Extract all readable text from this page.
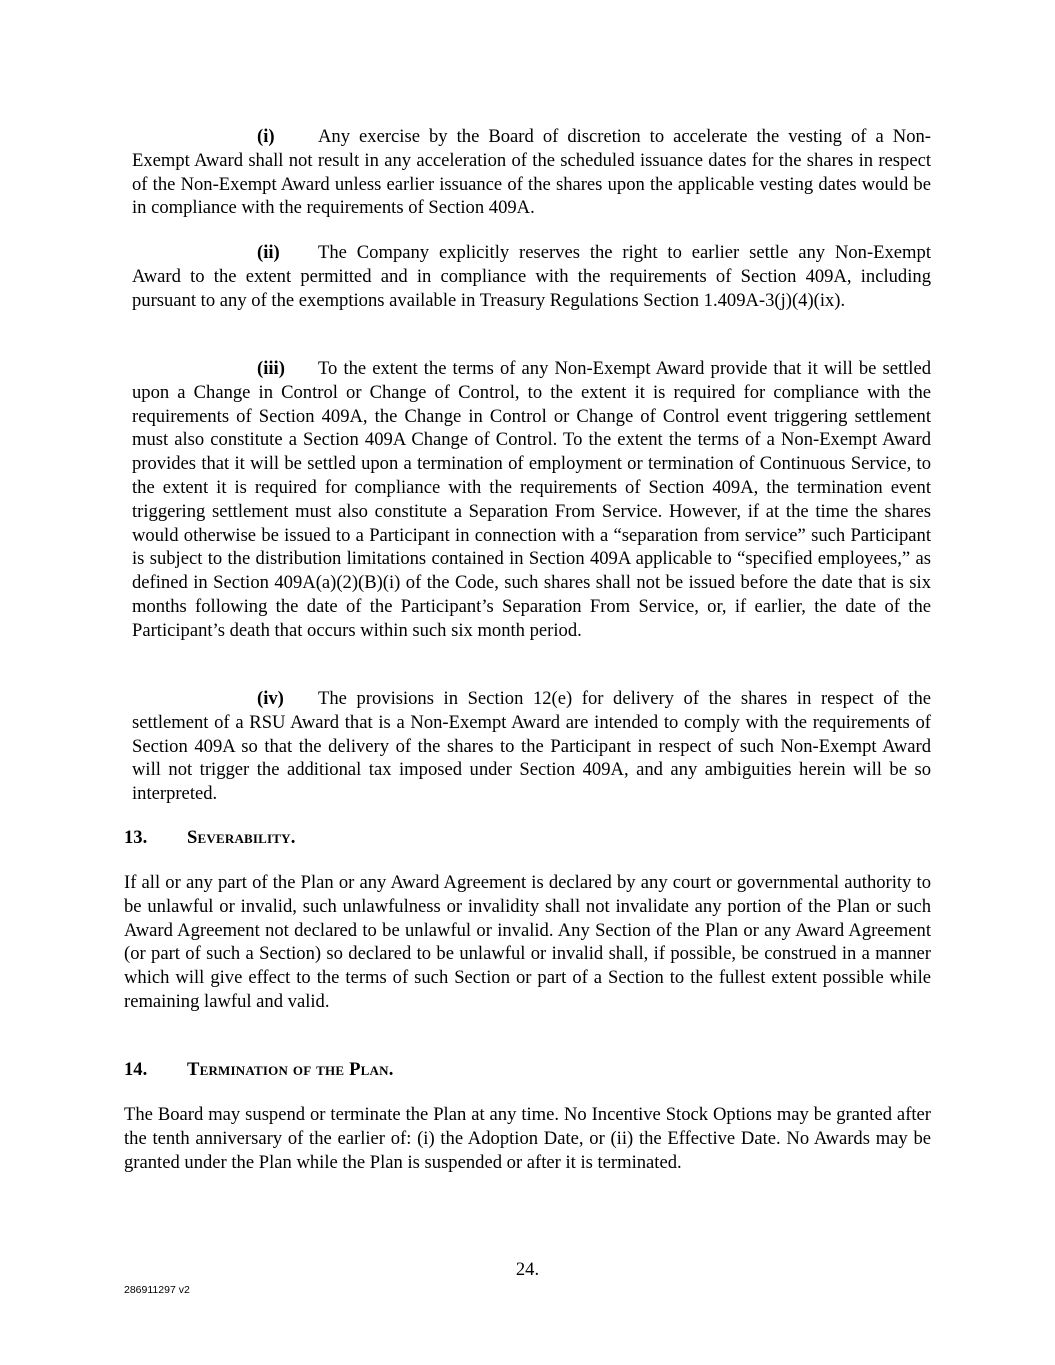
(i) Any exercise by the Board of discretion to accelerate the vesting of a Non-Exempt Award shall not result in any acceleration of the scheduled issuance dates for the shares in respect of the Non-Exempt Award unless earlier issuance of the shares upon the applicable vesting dates would be in compliance with the requirements of Section 409A.

(ii) The Company explicitly reserves the right to earlier settle any Non-Exempt Award to the extent permitted and in compliance with the requirements of Section 409A, including pursuant to any of the exemptions available in Treasury Regulations Section 1.409A-3(j)(4)(ix).

(iii) To the extent the terms of any Non-Exempt Award provide that it will be settled upon a Change in Control or Change of Control, to the extent it is required for compliance with the requirements of Section 409A, the Change in Control or Change of Control event triggering settlement must also constitute a Section 409A Change of Control. To the extent the terms of a Non-Exempt Award provides that it will be settled upon a termination of employment or termination of Continuous Service, to the extent it is required for compliance with the requirements of Section 409A, the termination event triggering settlement must also constitute a Separation From Service. However, if at the time the shares would otherwise be issued to a Participant in connection with a “separation from service” such Participant is subject to the distribution limitations contained in Section 409A applicable to “specified employees,” as defined in Section 409A(a)(2)(B)(i) of the Code, such shares shall not be issued before the date that is six months following the date of the Participant’s Separation From Service, or, if earlier, the date of the Participant’s death that occurs within such six month period.

(iv) The provisions in Section 12(e) for delivery of the shares in respect of the settlement of a RSU Award that is a Non-Exempt Award are intended to comply with the requirements of Section 409A so that the delivery of the shares to the Participant in respect of such Non-Exempt Award will not trigger the additional tax imposed under Section 409A, and any ambiguities herein will be so interpreted.

13. Severability.

If all or any part of the Plan or any Award Agreement is declared by any court or governmental authority to be unlawful or invalid, such unlawfulness or invalidity shall not invalidate any portion of the Plan or such Award Agreement not declared to be unlawful or invalid. Any Section of the Plan or any Award Agreement (or part of such a Section) so declared to be unlawful or invalid shall, if possible, be construed in a manner which will give effect to the terms of such Section or part of a Section to the fullest extent possible while remaining lawful and valid.

14. Termination of the Plan.

The Board may suspend or terminate the Plan at any time. No Incentive Stock Options may be granted after the tenth anniversary of the earlier of: (i) the Adoption Date, or (ii) the Effective Date. No Awards may be granted under the Plan while the Plan is suspended or after it is terminated.

24.
286911297 v2
